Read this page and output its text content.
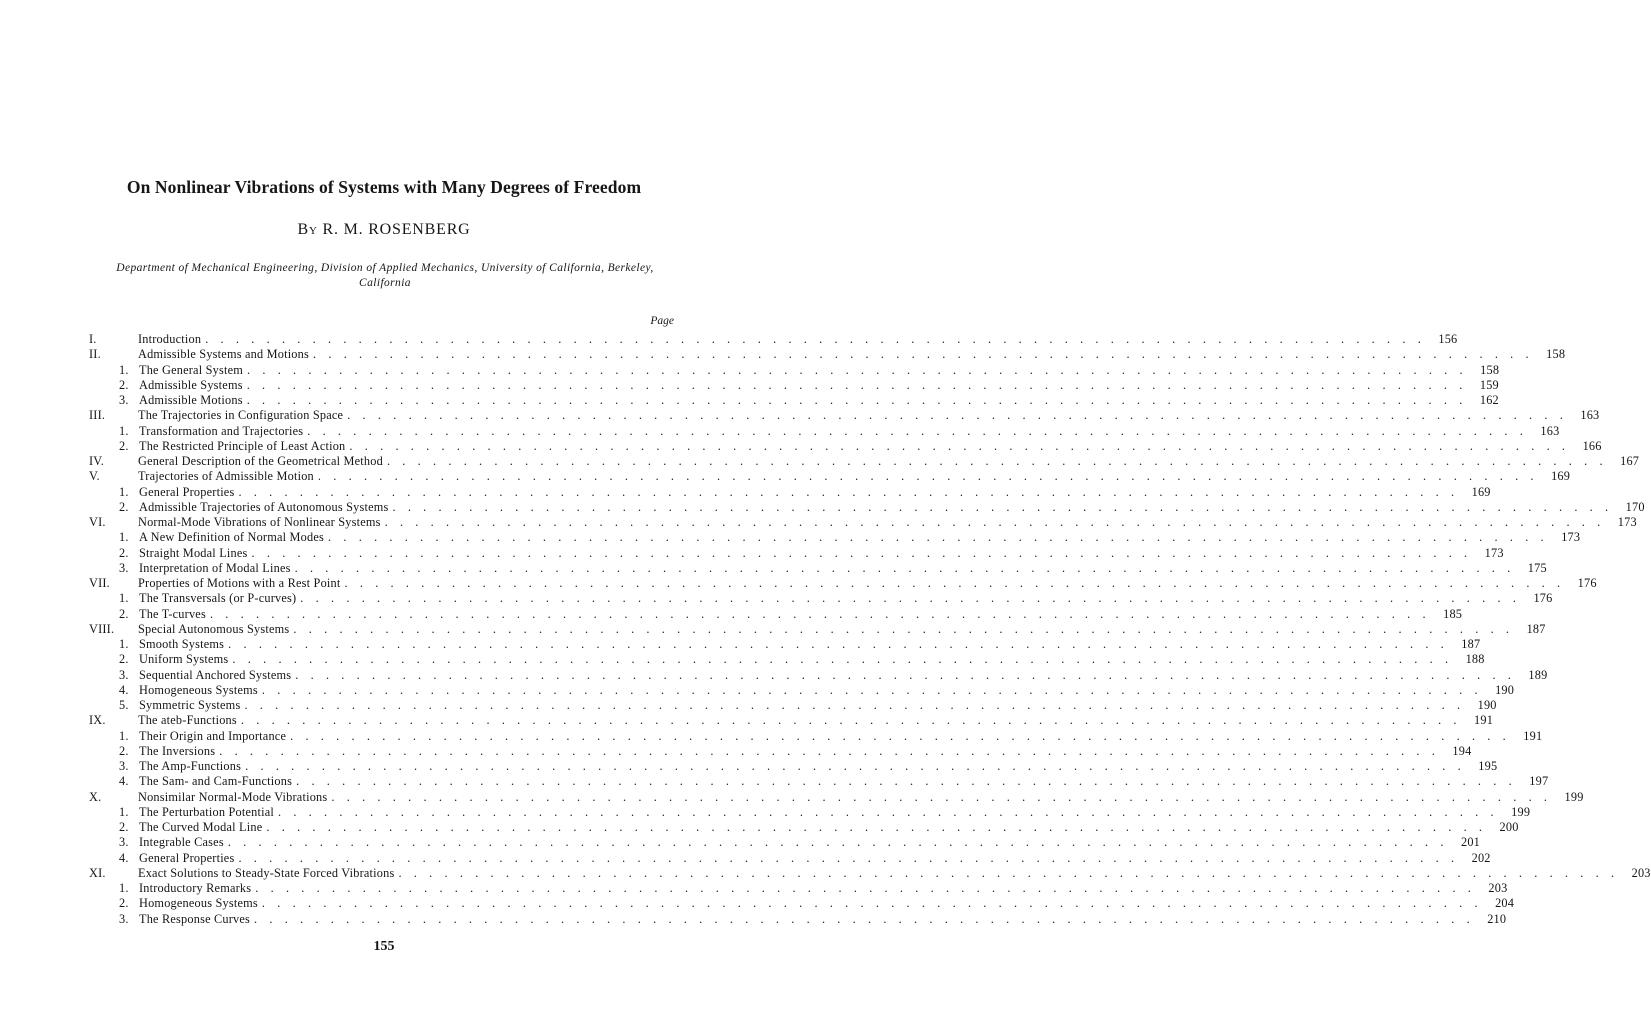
On Nonlinear Vibrations of Systems with Many Degrees of Freedom
By R. M. ROSENBERG
Department of Mechanical Engineering, Division of Applied Mechanics, University of California, Berkeley, California
Page
I.	Introduction . . . . . . . . . . . . . . . . . . . . . . . . . . . . . . . . . . . . . . . . . . . . . . . . . . . . . . . . . . . . . . . . . . . . . . . . . . . . . . . .	156
II.	Admissible Systems and Motions . . . . . . . . . . . . . . . . . . . . . . . . . . . . . . . . . . . . . . . . . . . . . . . . . . . . . . . . . . . . . . . . . . . . . . . . . . . . . . . .	158
1. The General System . . . . . . . . . . . . . . . . . . . . . . . . . . . . . . . . . . . . . . . . . . . . . . . . . . . . . . . . . . . . . . . . . . . . . . . . . . . . . . . .	158
2. Admissible Systems . . . . . . . . . . . . . . . . . . . . . . . . . . . . . . . . . . . . . . . . . . . . . . . . . . . . . . . . . . . . . . . . . . . . . . . . . . . . . . . .	159
3. Admissible Motions . . . . . . . . . . . . . . . . . . . . . . . . . . . . . . . . . . . . . . . . . . . . . . . . . . . . . . . . . . . . . . . . . . . . . . . . . . . . . . . .	162
III.	The Trajectories in Configuration Space . . . . . . . . . . . . . . . . . . . . . . . . . . . . . . . . . . . . . . . . . . . . . . . . . . . . . . . . . . . . . . . . . . . . . . . . . . . . . . . .	163
1. Transformation and Trajectories . . . . . . . . . . . . . . . . . . . . . . . . . . . . . . . . . . . . . . . . . . . . . . . . . . . . . . . . . . . . . . . . . . . . . . . . . . . . . . . .	163
2. The Restricted Principle of Least Action . . . . . . . . . . . . . . . . . . . . . . . . . . . . . . . . . . . . . . . . . . . . . . . . . . . . . . . . . . . . . . . . . . . . . . . . . . . . . . . .	166
IV.	General Description of the Geometrical Method . . . . . . . . . . . . . . . . . . . . . . . . . . . . . . . . . . . . . . . . . . . . . . . . . . . . . . . . . . . . . . . . . . . . . . . . . . . . . . . .	167
V.	Trajectories of Admissible Motion . . . . . . . . . . . . . . . . . . . . . . . . . . . . . . . . . . . . . . . . . . . . . . . . . . . . . . . . . . . . . . . . . . . . . . . . . . . . . . . .	169
1. General Properties . . . . . . . . . . . . . . . . . . . . . . . . . . . . . . . . . . . . . . . . . . . . . . . . . . . . . . . . . . . . . . . . . . . . . . . . . . . . . . . .	169
2. Admissible Trajectories of Autonomous Systems . . . . . . . . . . . . . . . . . . . . . . . . . . . . . . . . . . . . . . . . . . . . . . . . . . . . . . . . . . . . . . . . . . . . . . . . . . . . . . . .	170
VI.	Normal-Mode Vibrations of Nonlinear Systems . . . . . . . . . . . . . . . . . . . . . . . . . . . . . . . . . . . . . . . . . . . . . . . . . . . . . . . . . . . . . . . . . . . . . . . . . . . . . . . .	173
1. A New Definition of Normal Modes . . . . . . . . . . . . . . . . . . . . . . . . . . . . . . . . . . . . . . . . . . . . . . . . . . . . . . . . . . . . . . . . . . . . . . . . . . . . . . . .	173
2. Straight Modal Lines . . . . . . . . . . . . . . . . . . . . . . . . . . . . . . . . . . . . . . . . . . . . . . . . . . . . . . . . . . . . . . . . . . . . . . . . . . . . . . . .	173
3. Interpretation of Modal Lines . . . . . . . . . . . . . . . . . . . . . . . . . . . . . . . . . . . . . . . . . . . . . . . . . . . . . . . . . . . . . . . . . . . . . . . . . . . . . . . .	175
VII. Properties of Motions with a Rest Point . . . . . . . . . . . . . . . . . . . . . . . . . . . . . . . . . . . . . . . . . . . . . . . . . . . . . . . . . . . . . . . . . . . . . . . . . . . . . . . .	176
1. The Transversals (or P-curves) . . . . . . . . . . . . . . . . . . . . . . . . . . . . . . . . . . . . . . . . . . . . . . . . . . . . . . . . . . . . . . . . . . . . . . . . . . . . . . . .	176
2. The T-curves . . . . . . . . . . . . . . . . . . . . . . . . . . . . . . . . . . . . . . . . . . . . . . . . . . . . . . . . . . . . . . . . . . . . . . . . . . . . . . . .	185
VIII. Special Autonomous Systems . . . . . . . . . . . . . . . . . . . . . . . . . . . . . . . . . . . . . . . . . . . . . . . . . . . . . . . . . . . . . . . . . . . . . . . . . . . . . . . .	187
1. Smooth Systems . . . . . . . . . . . . . . . . . . . . . . . . . . . . . . . . . . . . . . . . . . . . . . . . . . . . . . . . . . . . . . . . . . . . . . . . . . . . . . . .	187
2. Uniform Systems . . . . . . . . . . . . . . . . . . . . . . . . . . . . . . . . . . . . . . . . . . . . . . . . . . . . . . . . . . . . . . . . . . . . . . . . . . . . . . . .	188
3. Sequential Anchored Systems . . . . . . . . . . . . . . . . . . . . . . . . . . . . . . . . . . . . . . . . . . . . . . . . . . . . . . . . . . . . . . . . . . . . . . . . . . . . . . . .	189
4. Homogeneous Systems . . . . . . . . . . . . . . . . . . . . . . . . . . . . . . . . . . . . . . . . . . . . . . . . . . . . . . . . . . . . . . . . . . . . . . . . . . . . . . . .	190
5. Symmetric Systems . . . . . . . . . . . . . . . . . . . . . . . . . . . . . . . . . . . . . . . . . . . . . . . . . . . . . . . . . . . . . . . . . . . . . . . . . . . . . . . .	190
IX.	The ateb-Functions . . . . . . . . . . . . . . . . . . . . . . . . . . . . . . . . . . . . . . . . . . . . . . . . . . . . . . . . . . . . . . . . . . . . . . . . . . . . . . . .	191
1. Their Origin and Importance . . . . . . . . . . . . . . . . . . . . . . . . . . . . . . . . . . . . . . . . . . . . . . . . . . . . . . . . . . . . . . . . . . . . . . . . . . . . . . . .	191
2. The Inversions . . . . . . . . . . . . . . . . . . . . . . . . . . . . . . . . . . . . . . . . . . . . . . . . . . . . . . . . . . . . . . . . . . . . . . . . . . . . . . . .	194
3. The Amp-Functions . . . . . . . . . . . . . . . . . . . . . . . . . . . . . . . . . . . . . . . . . . . . . . . . . . . . . . . . . . . . . . . . . . . . . . . . . . . . . . . .	195
4. The Sam- and Cam-Functions . . . . . . . . . . . . . . . . . . . . . . . . . . . . . . . . . . . . . . . . . . . . . . . . . . . . . . . . . . . . . . . . . . . . . . . . . . . . . . . .	197
X.	Nonsimilar Normal-Mode Vibrations . . . . . . . . . . . . . . . . . . . . . . . . . . . . . . . . . . . . . . . . . . . . . . . . . . . . . . . . . . . . . . . . . . . . . . . . . . . . . . . .	199
1. The Perturbation Potential . . . . . . . . . . . . . . . . . . . . . . . . . . . . . . . . . . . . . . . . . . . . . . . . . . . . . . . . . . . . . . . . . . . . . . . . . . . . . . . .	199
2. The Curved Modal Line . . . . . . . . . . . . . . . . . . . . . . . . . . . . . . . . . . . . . . . . . . . . . . . . . . . . . . . . . . . . . . . . . . . . . . . . . . . . . . . .	200
3. Integrable Cases . . . . . . . . . . . . . . . . . . . . . . . . . . . . . . . . . . . . . . . . . . . . . . . . . . . . . . . . . . . . . . . . . . . . . . . . . . . . . . . .	201
4. General Properties . . . . . . . . . . . . . . . . . . . . . . . . . . . . . . . . . . . . . . . . . . . . . . . . . . . . . . . . . . . . . . . . . . . . . . . . . . . . . . . .	202
XI.	Exact Solutions to Steady-State Forced Vibrations . . . . . . . . . . . . . . . . . . . . . . . . . . . . . . . . . . . . . . . . . . . . . . . . . . . . . . . . . . . . . . . . . . . . . . . . . . . . . . . .	203
1. Introductory Remarks . . . . . . . . . . . . . . . . . . . . . . . . . . . . . . . . . . . . . . . . . . . . . . . . . . . . . . . . . . . . . . . . . . . . . . . . . . . . . . . .	203
2. Homogeneous Systems . . . . . . . . . . . . . . . . . . . . . . . . . . . . . . . . . . . . . . . . . . . . . . . . . . . . . . . . . . . . . . . . . . . . . . . . . . . . . . . .	204
3. The Response Curves . . . . . . . . . . . . . . . . . . . . . . . . . . . . . . . . . . . . . . . . . . . . . . . . . . . . . . . . . . . . . . . . . . . . . . . . . . . . . . . .	210
155
